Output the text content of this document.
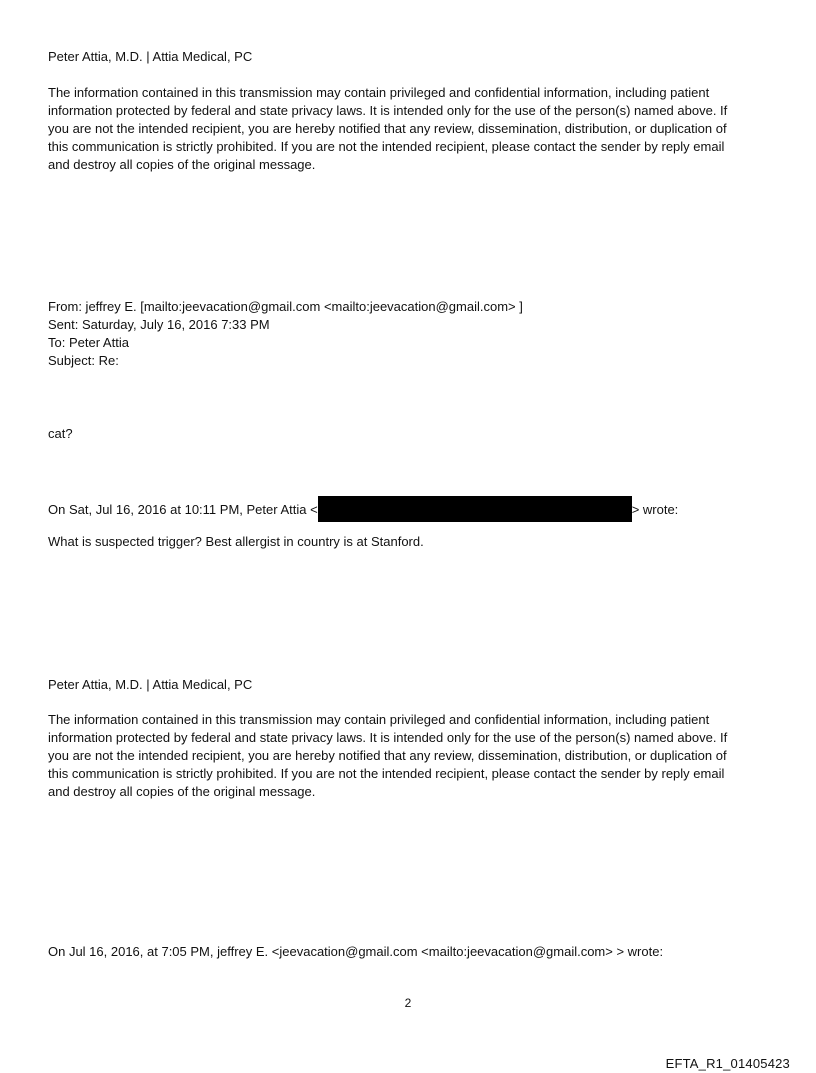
Peter Attia, M.D. | Attia Medical, PC
The information contained in this transmission may contain privileged and confidential information, including patient
information protected by federal and state privacy laws. It is intended only for the use of the person(s) named above. If
you are not the intended recipient, you are hereby notified that any review, dissemination, distribution, or duplication of
this communication is strictly prohibited. If you are not the intended recipient, please contact the sender by reply email
and destroy all copies of the original message.
From: jeffrey E. [mailto:jeevacation@gmail.com <mailto:jeevacation@gmail.com> ]
Sent: Saturday, July 16, 2016 7:33 PM
To: Peter Attia
Subject: Re:
cat?
On Sat, Jul 16, 2016 at 10:11 PM, Peter Attia <	> wrote:
What is suspected trigger? Best allergist in country is at Stanford.
Peter Attia, M.D. | Attia Medical, PC
The information contained in this transmission may contain privileged and confidential information, including patient
information protected by federal and state privacy laws. It is intended only for the use of the person(s) named above. If
you are not the intended recipient, you are hereby notified that any review, dissemination, distribution, or duplication of
this communication is strictly prohibited. If you are not the intended recipient, please contact the sender by reply email
and destroy all copies of the original message.
On Jul 16, 2016, at 7:05 PM, jeffrey E. <jeevacation@gmail.com <mailto:jeevacation@gmail.com> > wrote:
2
EFTA_R1_01405423
